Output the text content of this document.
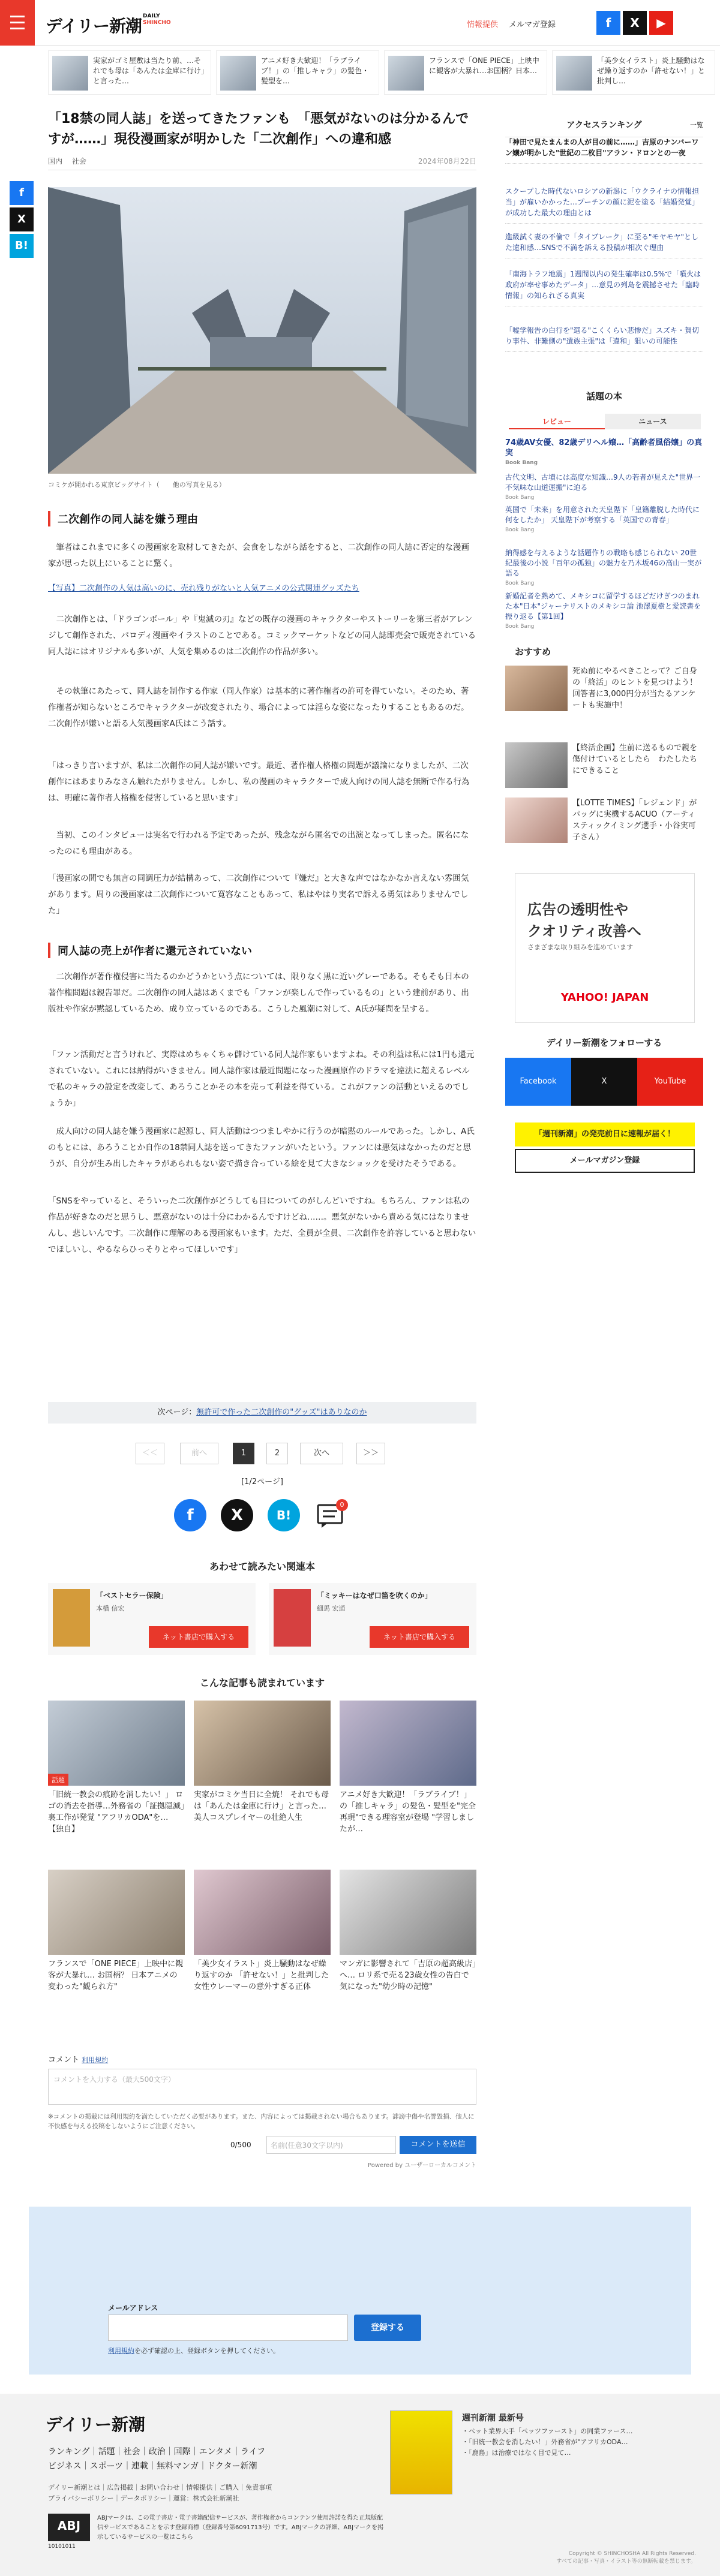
デイリー新潮 DAILY
SHINCHO	情報提供 メルマガ登録	f	X	▶
実家がゴミ屋敷は当たり前、…それでも母は「あんたは金庫に行け」と言った…
アニメ好き大歓迎！「ラブライブ！」の「推しキャラ」の髪色・髪型を…
フランスで「ONE PIECE」上映中に観客が大暴れ…お国柄？日本…
「美少女イラスト」炎上騒動はなぜ繰り返すのか「許せない！」と批判し…
f
X
B!
「18禁の同人誌」を送ってきたファンも　「悪気がないのは分かるんですが……」現役漫画家が明かした「二次創作」への違和感
国内　 社会	2024年08月22日
コミケが開かれる東京ビッグサイト（　　他の写真を見る）
二次創作の同人誌を嫌う理由

　筆者はこれまでに多くの漫画家を取材してきたが、会食をしながら話をすると、二次創作の同人誌に否定的な漫画家が思った以上にいることに驚く。

【写真】二次創作の人気は高いのに、売れ残りがないと人気アニメの公式関連グッズたち

　二次創作とは、「ドラゴンボール」や『鬼滅の刃』などの既存の漫画のキャラクターやストーリーを第三者がアレンジして創作された、パロディ漫画やイラストのことである。コミックマーケットなどの同人誌即売会で販売されている同人誌にはオリジナルも多いが、人気を集めるのは二次創作の作品が多い。

　その執筆にあたって、同人誌を制作する作家（同人作家）は基本的に著作権者の許可を得ていない。そのため、著作権者が知らないところでキャラクターが改変されたり、場合によっては淫らな姿になったりすることもあるのだ。二次創作が嫌いと語る人気漫画家A氏はこう話す。

「はっきり言いますが、私は二次創作の同人誌が嫌いです。最近、著作権人格権の問題が議論になりましたが、二次創作にはあまりみなさん触れたがりません。しかし、私の漫画のキャラクターで成人向けの同人誌を無断で作る行為は、明確に著作者人格権を侵害していると思います」

　当初、このインタビューは実名で行われる予定であったが、残念ながら匿名での出演となってしまった。匿名になったのにも理由がある。

「漫画家の間でも無言の同調圧力が結構あって、二次創作について『嫌だ』と大きな声ではなかなか言えない雰囲気があります。周りの漫画家は二次創作について寛容なこともあって、私はやはり実名で訴える勇気はありませんでした」

同人誌の売上が作者に還元されていない

　二次創作が著作権侵害に当たるのかどうかという点については、限りなく黒に近いグレーである。そもそも日本の著作権問題は親告罪だ。二次創作の同人誌はあくまでも「ファンが楽しんで作っているもの」という建前があり、出版社や作家が黙認しているため、成り立っているのである。こうした風潮に対して、A氏が疑問を呈する。

「ファン活動だと言うけれど、実際はめちゃくちゃ儲けている同人誌作家もいますよね。その利益は私には1円も還元されていない。これには納得がいきません。同人誌作家は最近問題になった漫画原作のドラマを違法に超えるレベルで私のキャラの設定を改変して、あろうことかその本を売って利益を得ている。これがファンの活動といえるのでしょうか」

　成人向けの同人誌を嫌う漫画家に起源し、同人活動はつつましやかに行うのが暗黙のルールであった。しかし、A氏のもとには、あろうことか自作の18禁同人誌を送ってきたファンがいたという。ファンには悪気はなかったのだと思うが、自分が生み出したキャラがあられもない姿で描き合っている絵を見て大きなショックを受けたそうである。

「SNSをやっていると、そういった二次創作がどうしても目についてのがしんどいですね。もちろん、ファンは私の作品が好きなのだと思うし、悪意がないのは十分にわかるんですけどね……。悪気がないから責める気にはなりませんし、悲しいんです。二次創作に理解のある漫画家もいます。ただ、全員が全員、二次創作を許容していると思わないでほしいし、やるならひっそりとやってほしいです」

次ページ：無許可で作った二次創作の"グッズ"はありなのか
＜＜	前へ	1	2	次へ	＞＞
[1/2ページ]
f	X	B!
0
あわせて読みたい関連本
「ベストセラー保険」
本橋 信宏
ネット書店で購入する
「ミッキーはなぜ口笛を吹くのか」
細馬 宏通
ネット書店で購入する
こんな記事も読まれています
話題
「旧統一教会の痕跡を消したい！」 ロゴの消去を指導…外務省の「証拠隠滅」裏工作が発覚 "アフリカODA"を… 【独自】
実家がコミケ当日に全焼！ それでも母は「あんたは金庫に行け」と言った…美人コスプレイヤーの壮絶人生
アニメ好き大歓迎！「ラブライブ！」の「推しキャラ」の髪色・髪型を"完全再現"できる理容室が登場 "学習しましたが…
フランスで「ONE PIECE」上映中に観客が大暴れ… お国柄？ 日本アニメの変わった"観られ方"
「美少女イラスト」炎上騒動はなぜ繰り返すのか 「許せない！」と批判した女性ウレーマーの意外すぎる正体
マンガに影響されて「吉原の超高級店」へ… ロリ系で売る23歳女性の告白で気になった"幼少時の記憶"
コメント 利用規約
コメントを入力する（最大500文字）
※コメントの掲載には利用規約を満たしていただく必要があります。また、内容によっては掲載されない場合もあります。誹謗中傷や名誉毀損、他人に不快感を与える投稿をしないようにご注意ください。
0/500	名前(任意30文字以内)	コメントを送信
Powered by ユーザーローカルコメント
メールアドレス
登録する
利用規約を必ず確認の上、登録ボタンを押してください。
デイリー新潮
ランキング｜話題｜社会｜政治｜国際｜エンタメ｜ライフ
ビジネス｜スポーツ｜連載｜無料マンガ｜ドクター新潮
デイリー新潮とは｜広告掲載｜お問い合わせ｜情報提供｜ご購入｜免責事項
プライバシーポリシー｜データポリシー｜運営：株式会社新潮社
ABJ
10101011
ABJマークは、この電子書店・電子書籍配信サービスが、著作権者からコンテンツ使用許諾を得た正規版配信サービスであることを示す登録商標（登録番号第6091713号）です。ABJマークの詳細、ABJマークを掲示しているサービスの一覧はこちら
週刊新潮 最新号
・ペット業界大手「ペッツファースト」の同業ファース…
・「旧統一教会を消したい！」外務省が"アフリカODA…
・「鹿島」は治療ではなく目で見て…
Copyright © SHINCHOSHA All Rights Reserved.
すべての記事・写真・イラスト等の無断転載を禁じます。
アクセスランキング	一覧
「神田で見たまんまの人が目の前に……」吉原のナンバーワン嬢が明かした"世紀の二枚目"アラン・ドロンとの一夜
スクープした時代ないロシアの新潟に「ウクライナの情報担当」が雇いかかった…プーチンの顔に泥を塗る「結婚発覚」が成功した最大の理由とは
進級試く妻の不倫で「タイブレーク」に至る"モヤモヤ"とした違和感…SNSで不満を訴える投稿が相次ぐ理由
「南海トラフ地震」1週間以内の発生確率は0.5%で「噴火は政府が率せ事めたデータ」…意見の列島を震撼させた「臨時情報」の知られざる真実
「嘘学報告の白行を"選る"こくくらい悲惨だ」スズキ・賀切り事件、非難側の"遺族主張"は「違和」狙いの可能性
話題の本
レビュー	ニュース
74歳AV女優、82歳デリヘル嬢…「高齢者風俗嬢」の真実
Book Bang
古代文明、古墳には高度な知識…9人の若者が見えた"世界一不気味な山道運搬"に迫る
Book Bang
英国で「未来」を用意された天皇陛下「皇籍離脱した時代に何をしたか」 天皇陛下が考察する「英国での青春」
Book Bang
納得感を与えるような話題作りの戦略も感じられない 20世紀最後の小説「百年の孤独」の魅力を乃木坂46の高山一実が語る
Book Bang
新婚記者を熟めて、メキシコに留学するほどだけぎつのまれた本"日本"ジャーナリストのメキシコ論 池澤夏樹と愛読書を振り返る【第1回】
Book Bang
おすすめ
死ぬ前にやるべきことって？ご自身の「終活」のヒントを見つけよう！回答者に3,000円分が当たるアンケートも実施中！
【終活企画】生前に送るもので親を傷付けているとしたら　わたしたちにできること
【LOTTE TIMES】「レジェンド」がパッグに実機するACUO（アーティスティックイミング選手・小谷実可子さん）
広告の透明性や
クオリティ改善へ
さまざまな取り組みを進めています
YAHOO! JAPAN
デイリー新潮をフォローする
Facebook	X	YouTube
「週刊新潮」の発売前日に速報が届く！
メールマガジン登録
